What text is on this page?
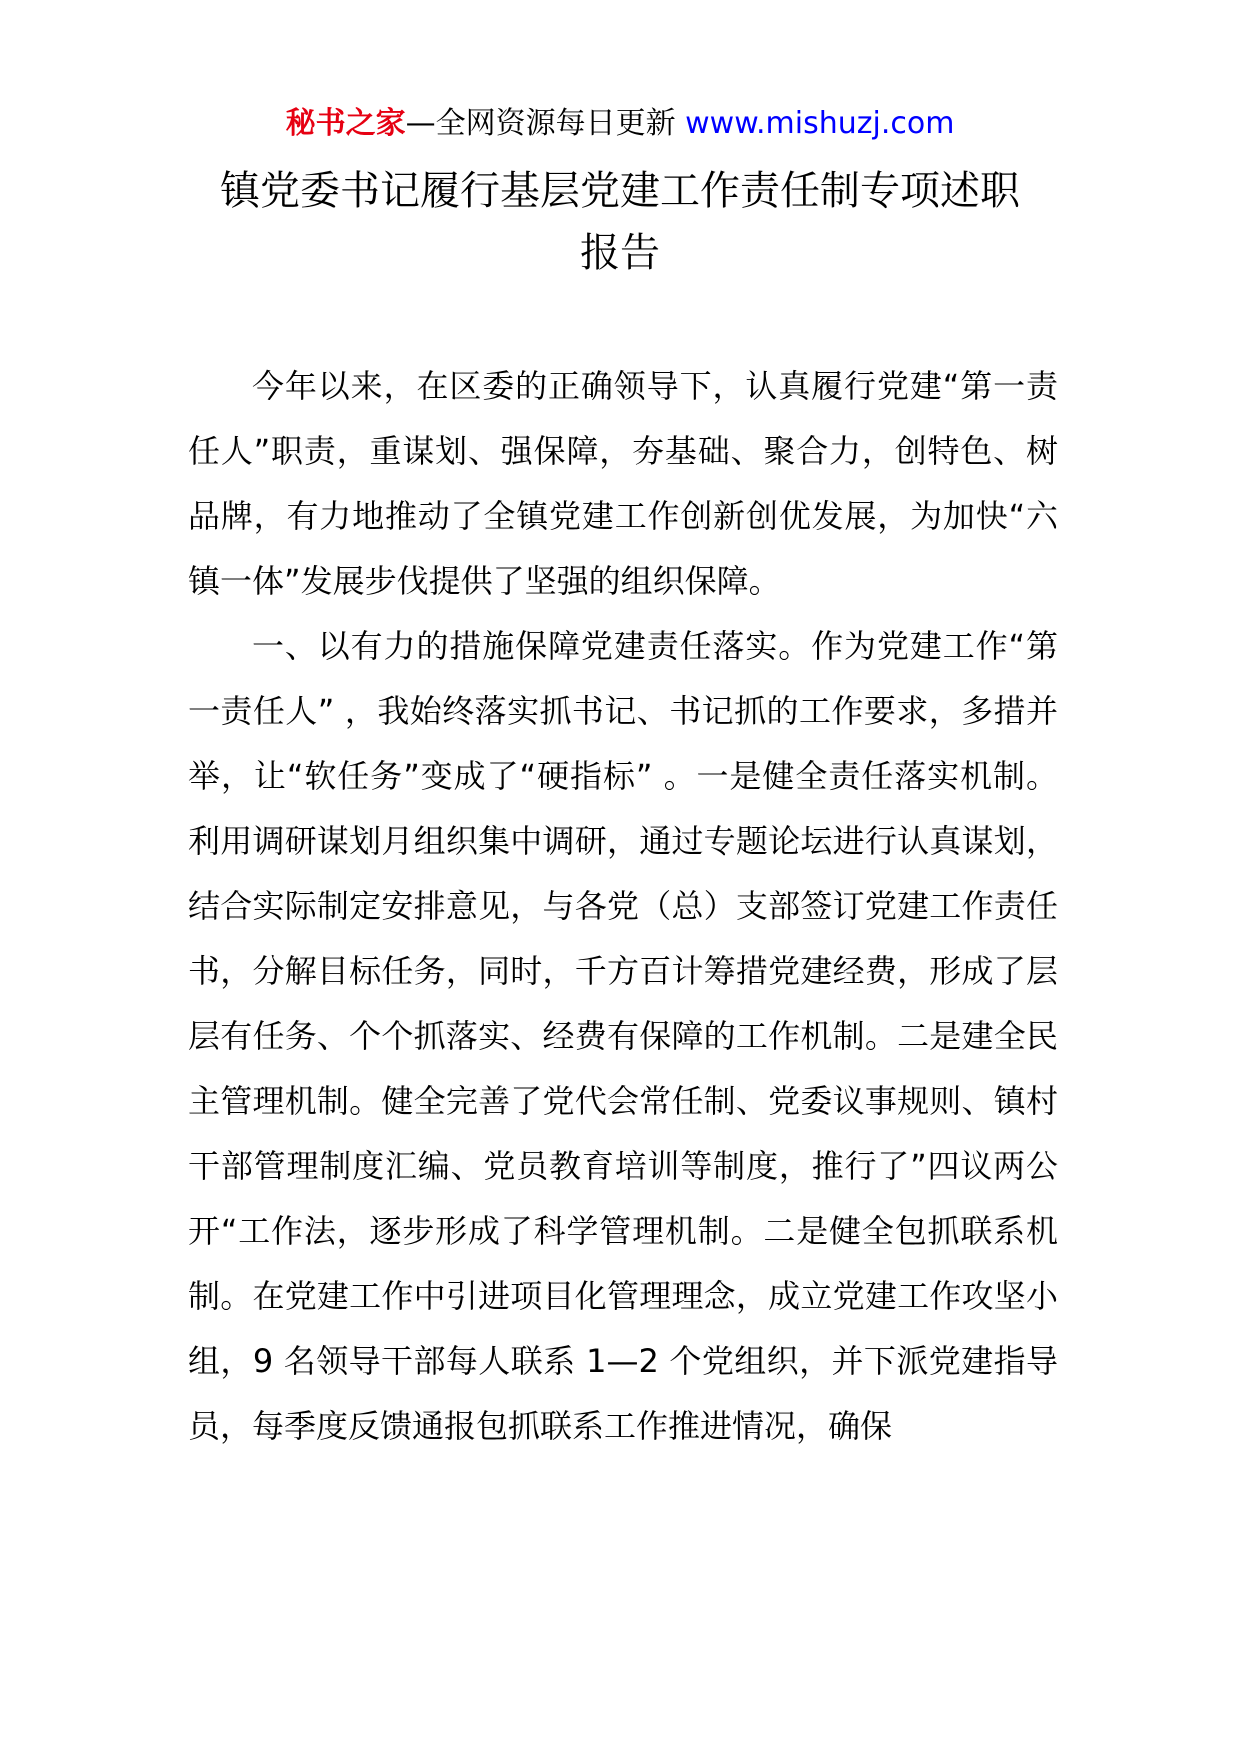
秘书之家—全网资源每日更新 www.mishuzj.com
镇党委书记履行基层党建工作责任制专项述职
报告

今年以来，在区委的正确领导下，认真履行党建“第一责任人”职责，重谋划、强保障，夯基础、聚合力，创特色、树品牌，有力地推动了全镇党建工作创新创优发展，为加快“六镇一体”发展步伐提供了坚强的组织保障。

一、以有力的措施保障党建责任落实。作为党建工作“第一责任人” ，我始终落实抓书记、书记抓的工作要求，多措并举，让“软任务”变成了“硬指标” 。一是健全责任落实机制。利用调研谋划月组织集中调研，通过专题论坛进行认真谋划，结合实际制定安排意见，与各党（总）支部签订党建工作责任书，分解目标任务，同时，千方百计筹措党建经费，形成了层层有任务、个个抓落实、经费有保障的工作机制。二是建全民主管理机制。健全完善了党代会常任制、党委议事规则、镇村干部管理制度汇编、党员教育培训等制度，推行了”四议两公开“工作法，逐步形成了科学管理机制。二是健全包抓联系机制。在党建工作中引进项目化管理理念，成立党建工作攻坚小组，9 名领导干部每人联系 1—2 个党组织，并下派党建指导员，每季度反馈通报包抓联系工作推进情况，确保
